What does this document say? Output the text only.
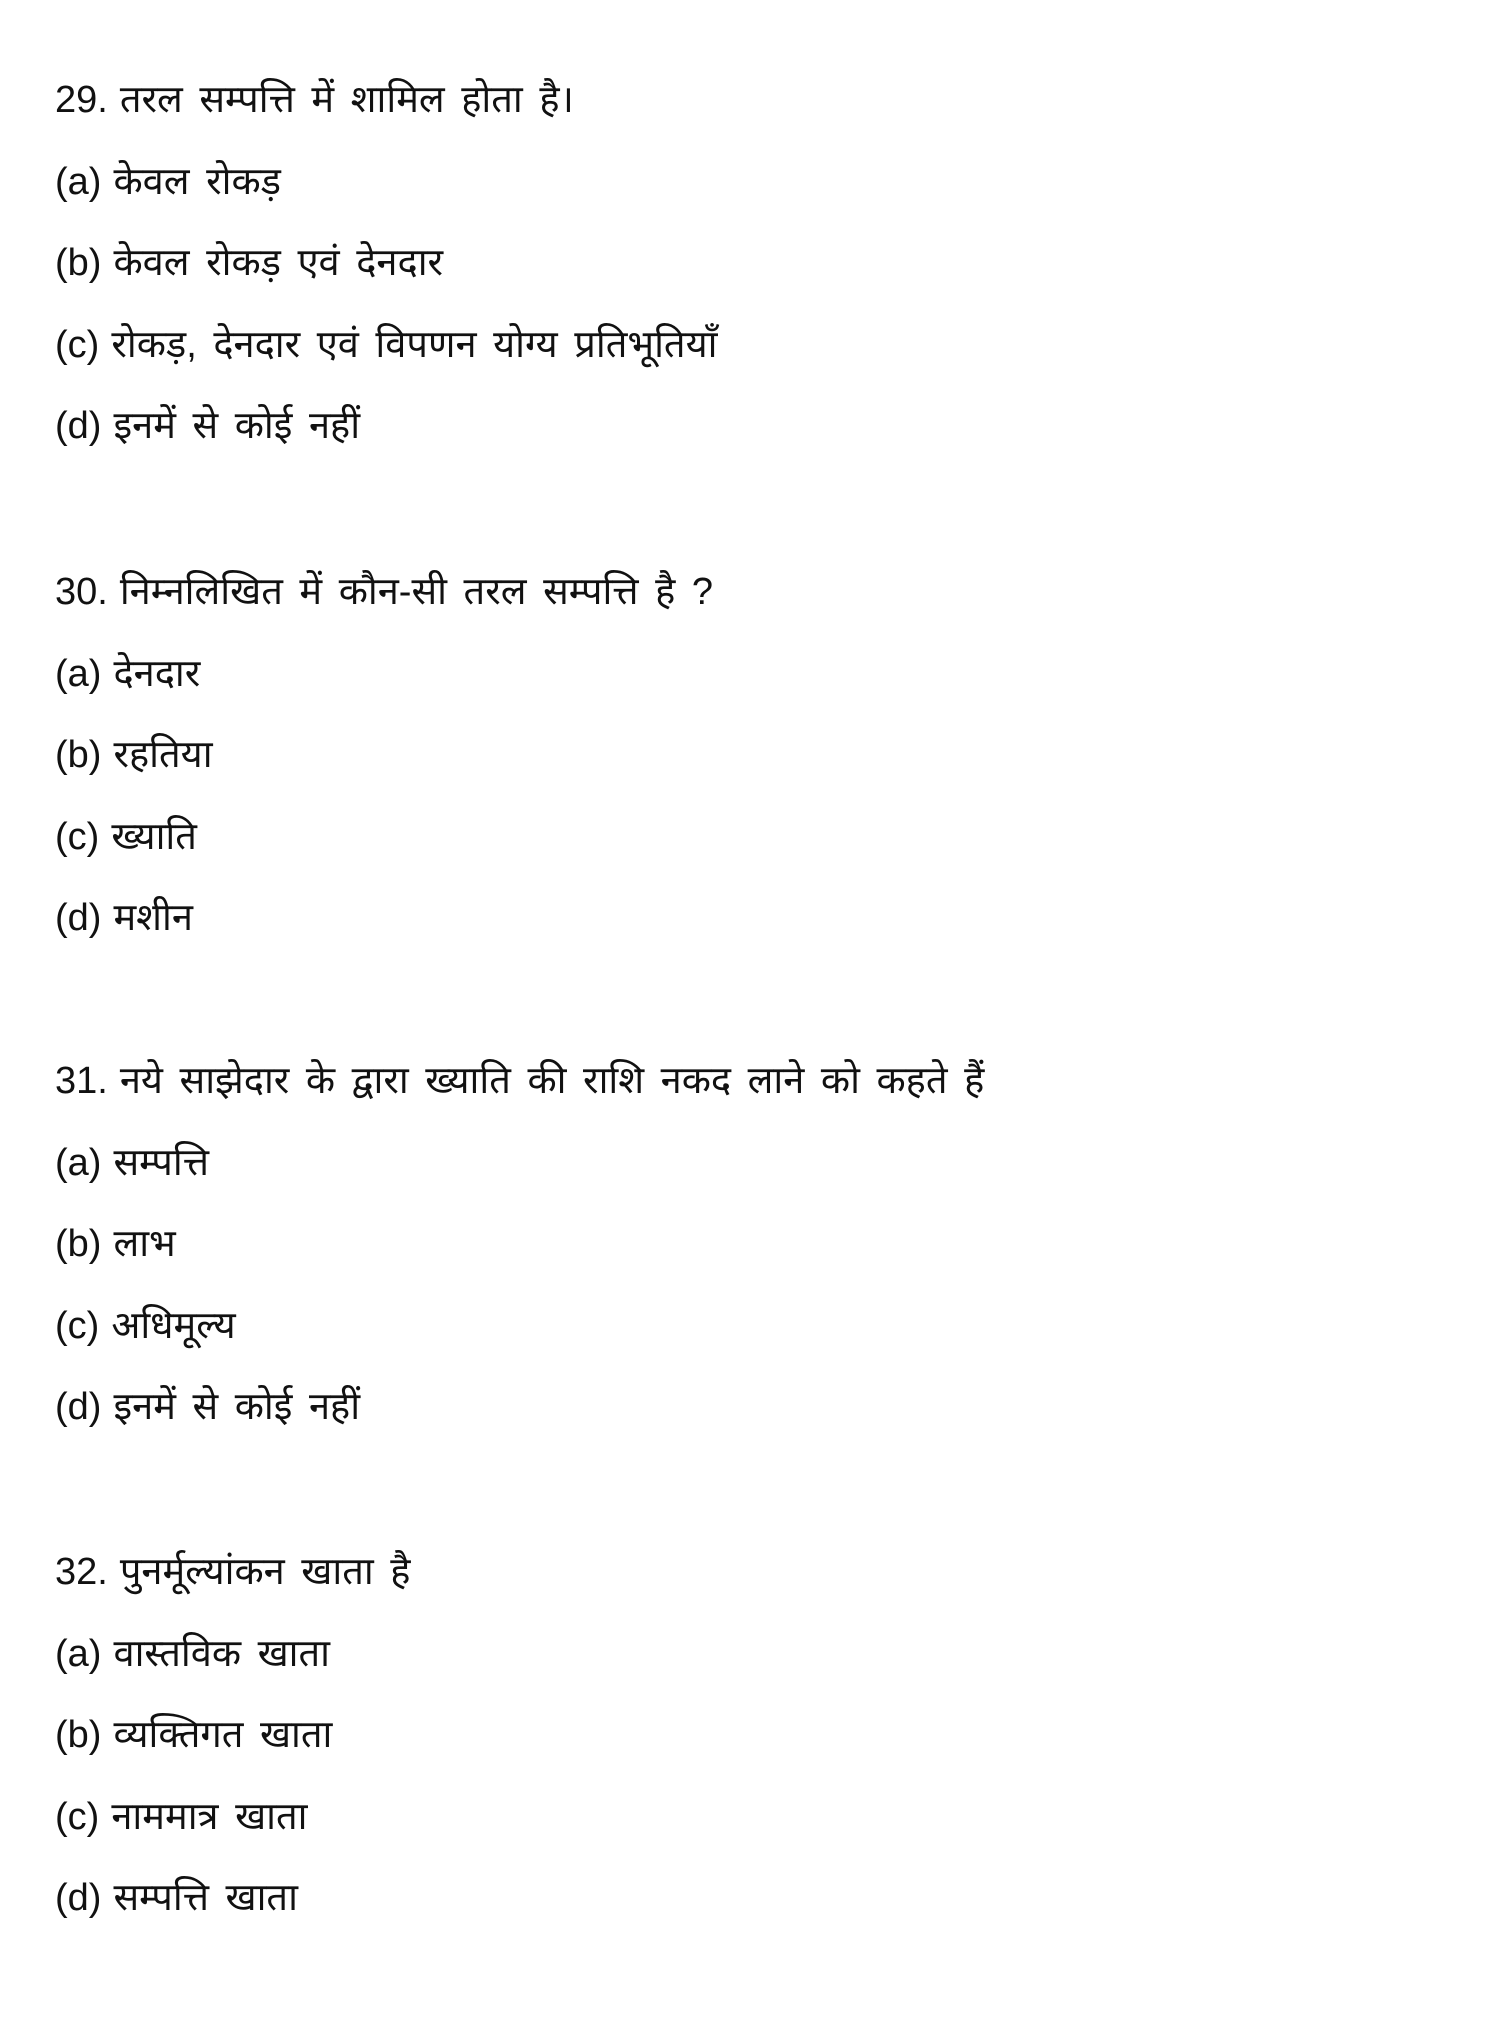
29. तरल सम्पत्ति में शामिल होता है।
(a) केवल रोकड़
(b) केवल रोकड़ एवं देनदार
(c) रोकड़, देनदार एवं विपणन योग्य प्रतिभूतियाँ
(d) इनमें से कोई नहीं
30. निम्नलिखित में कौन-सी तरल सम्पत्ति है ?
(a) देनदार
(b) रहतिया
(c) ख्याति
(d) मशीन
31. नये साझेदार के द्वारा ख्याति की राशि नकद लाने को कहते हैं
(a) सम्पत्ति
(b) लाभ
(c) अधिमूल्य
(d) इनमें से कोई नहीं
32. पुनर्मूल्यांकन खाता है
(a) वास्तविक खाता
(b) व्यक्तिगत खाता
(c) नाममात्र खाता
(d) सम्पत्ति खाता
